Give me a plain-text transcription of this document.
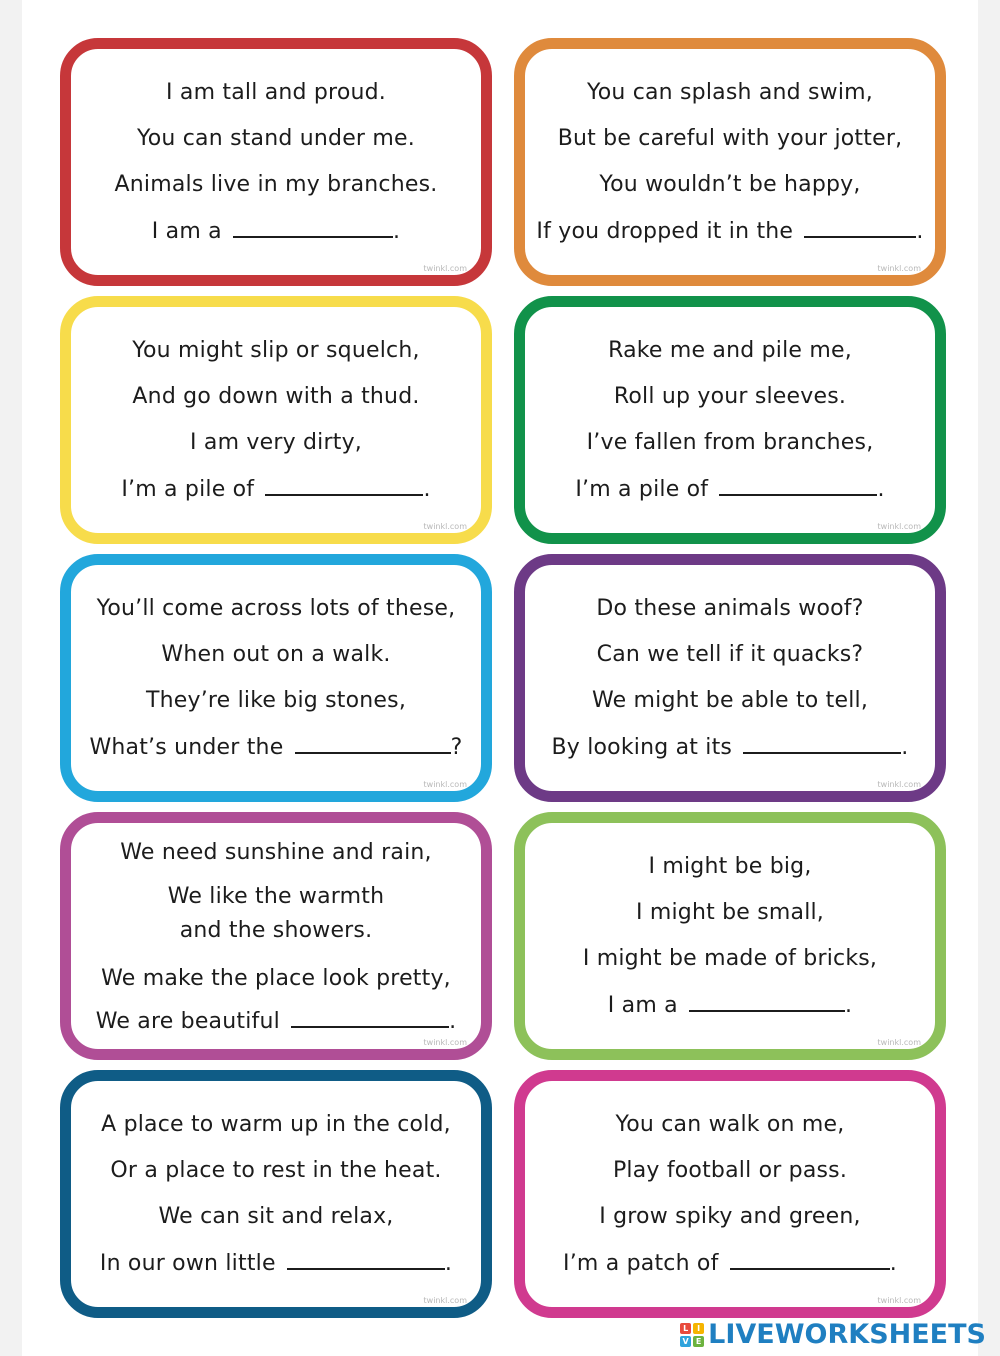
I am tall and proud.
You can stand under me.
Animals live in my branches.
I am a	.
twinkl.com
You can splash and swim,
But be careful with your jotter,
You wouldn’t be happy,
If you dropped it in the	.
twinkl.com
You might slip or squelch,
And go down with a thud.
I am very dirty,
I’m a pile of	.
twinkl.com
Rake me and pile me,
Roll up your sleeves.
I’ve fallen from branches,
I’m a pile of	.
twinkl.com
You’ll come across lots of these,
When out on a walk.
They’re like big stones,
What’s under the	?
twinkl.com
Do these animals woof?
Can we tell if it quacks?
We might be able to tell,
By looking at its	.
twinkl.com
We need sunshine and rain,
We like the warmth
and the showers.
We make the place look pretty,
We are beautiful	.
twinkl.com
I might be big,
I might be small,
I might be made of bricks,
I am a	.
twinkl.com
A place to warm up in the cold,
Or a place to rest in the heat.
We can sit and relax,
In our own little	.
twinkl.com
You can walk on me,
Play football or pass.
I grow spiky and green,
I’m a patch of	.
twinkl.com
L	I
V E LIVEWORKSHEETS
